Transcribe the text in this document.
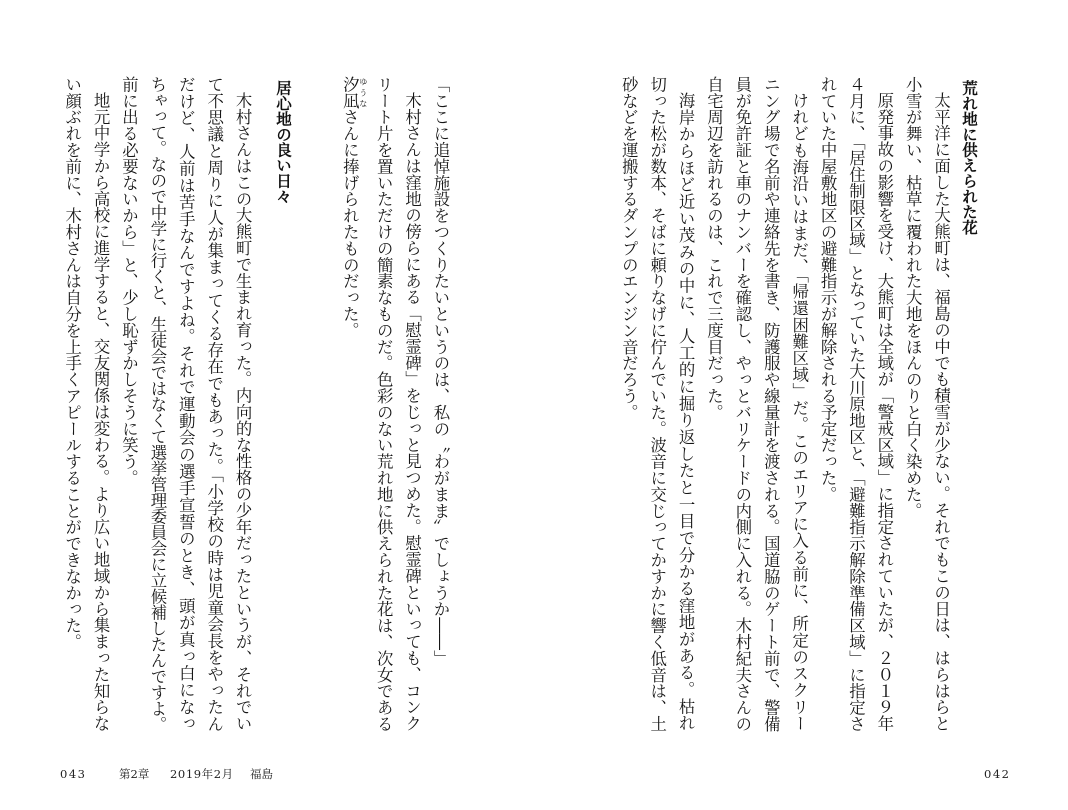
荒れ地に供えられた花
太平洋に面した大熊町は、福島の中でも積雪が少ない。それでもこの日は、はらはらと
小雪が舞い、枯草に覆われた大地をほんのりと白く染めた。
原発事故の影響を受け、大熊町は全域が「警戒区域」に指定されていたが、２０１９年
４月に、「居住制限区域」となっていた大川原地区と、「避難指示解除準備区域」に指定さ
れていた中屋敷地区の避難指示が解除される予定だった。
けれども海沿いはまだ、「帰還困難区域」だ。このエリアに入る前に、所定のスクリー
ニング場で名前や連絡先を書き、防護服や線量計を渡される。国道脇のゲート前で、警備
員が免許証と車のナンバーを確認し、やっとバリケードの内側に入れる。木村紀夫さんの
自宅周辺を訪れるのは、これで三度目だった。
海岸からほど近い茂みの中に、人工的に掘り返したと一目で分かる窪地がある。枯れ
切った松が数本、そばに頼りなげに佇んでいた。波音に交じってかすかに響く低音は、土
砂などを運搬するダンプのエンジン音だろう。
「ここに追悼施設をつくりたいというのは、私の〝わがまま〟でしょうか――」
木村さんは窪地の傍らにある「慰霊碑」をじっと見つめた。慰霊碑といっても、コンク
リート片を置いただけの簡素なものだ。色彩のない荒れ地に供えられた花は、次女である
汐凪 ゆうなさんに捧げられたものだった。
居心地の良い日々
木村さんはこの大熊町で生まれ育った。内向的な性格の少年だったというが、それでい
て不思議と周りに人が集まってくる存在でもあった。「小学校の時は児童会長をやったん
だけど、人前は苦手なんですよね。それで運動会の選手宣誓のとき、頭が真っ白になっ
ちゃって。なので中学に行くと、生徒会ではなくて選挙管理委員会に立候補したんですよ。
前に出る必要ないから」と、少し恥ずかしそうに笑う。
地元中学から高校に進学すると、交友関係は変わる。より広い地域から集まった知らな
い顔ぶれを前に、木村さんは自分を上手くアピールすることができなかった。
043	第2章 2019年2月 福島	042
